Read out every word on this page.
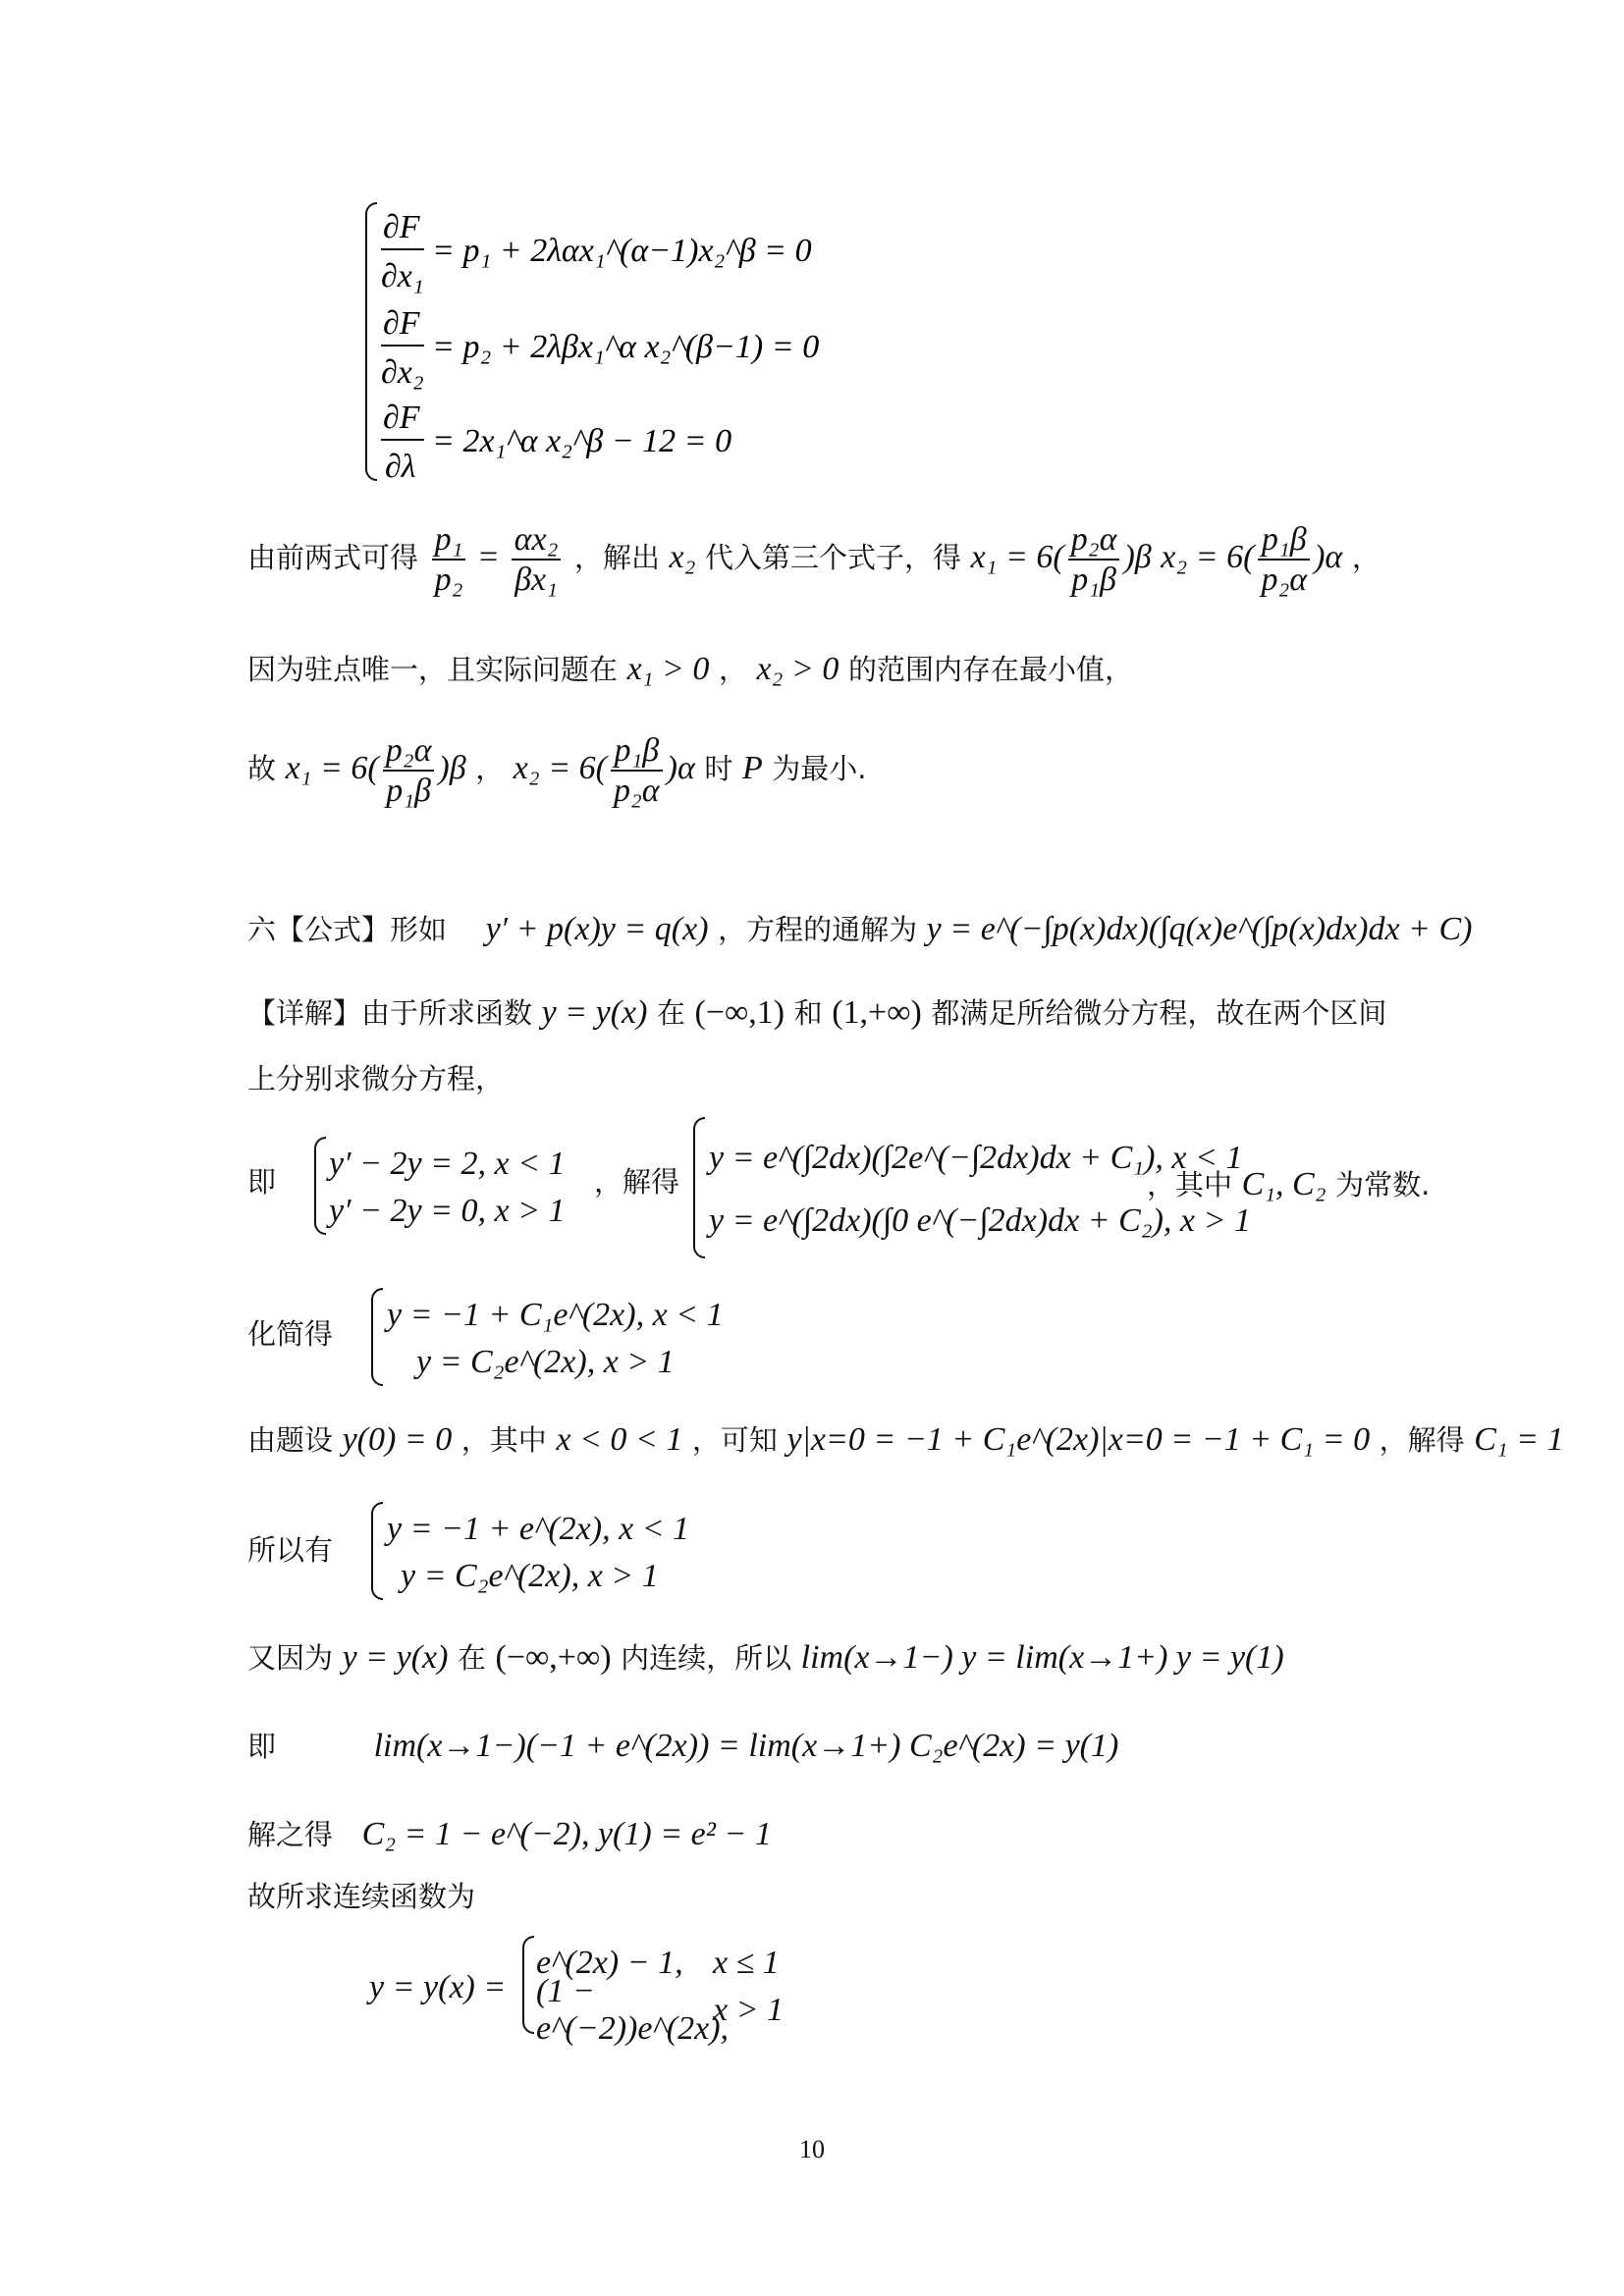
∂F
∂x₁
= p₁ + 2λαx₁^(α−1)x₂^β = 0
∂F
∂x₂
= p₂ + 2λβx₁^α x₂^(β−1) = 0
∂F
∂λ
= 2x₁^α x₂^β − 12 = 0
由前两式可得 $\frac{\text{p₁}}{\text{p₂}} = \frac{\text{αx₂}}{\text{βx₁}}$ ，解出 x₂ 代入第三个式子，得 $x_1 = 6( \frac{\text{p₂α}}{\text{p₁β}} )\beta$ $x_2 = 6( \frac{\text{p₁β}}{\text{p₂α}} )\alpha$ ，
因为驻点唯一，且实际问题在 x₁ > 0 ， x₂ > 0 的范围内存在最小值，
故 $x_1 = 6( \frac{\text{p₂α}}{\text{p₁β}} )\beta$ ， $x_2 = 6( \frac{\text{p₁β}}{\text{p₂α}} )\alpha$ 时 P 为最小.
六【公式】形如 y′ + p(x)y = q(x) ，方程的通解为 y = e^(−∫p(x)dx)(∫q(x)e^(∫p(x)dx)dx + C)
【详解】由于所求函数 y = y(x) 在 (−∞,1) 和 (1,+∞) 都满足所给微分方程，故在两个区间
上分别求微分方程，
即 y′ − 2y = 2, x < 1
y′ − 2y = 0, x > 1
，解得
y = e^(∫2dx)(∫2e^(−∫2dx)dx + C₁), x < 1
y = e^(∫2dx)(∫0 e^(−∫2dx)dx + C₂), x > 1
，其中 C₁, C₂ 为常数.
化简得
y = −1 + C₁e^(2x), x < 1
y = C₂e^(2x), x > 1
由题设 y(0) = 0 ，其中 x < 0 < 1 ，可知 y|x=0 = −1 + C₁e^(2x)|x=0 = −1 + C₁ = 0 ，解得 C₁ = 1
所以有
y = −1 + e^(2x), x < 1
y = C₂e^(2x), x > 1
又因为 y = y(x) 在 (−∞,+∞) 内连续，所以 lim(x→1−) y = lim(x→1+) y = y(1)
即	lim(x→1−)(−1 + e^(2x)) = lim(x→1+) C₂e^(2x) = y(1)
解之得 C₂ = 1 − e^(−2), y(1) = e² − 1
故所求连续函数为
y = y(x) =
e^(2x) − 1, x ≤ 1
(1 − e^(−2))e^(2x),
x > 1
10
